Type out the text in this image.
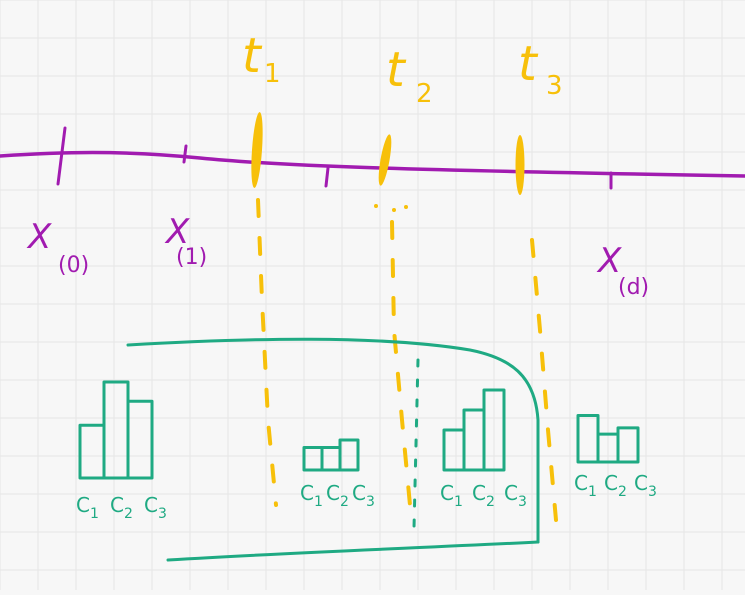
X
(0)
X
(1)	X
(d)
t 1 t 2
t 3
$C_1$ $C_2$ $C_3$
$C_1$ $C_2$ $C_3$	$C_1$ $C_2$ $C_3$
$C_1$ $C_2$ $C_3$
